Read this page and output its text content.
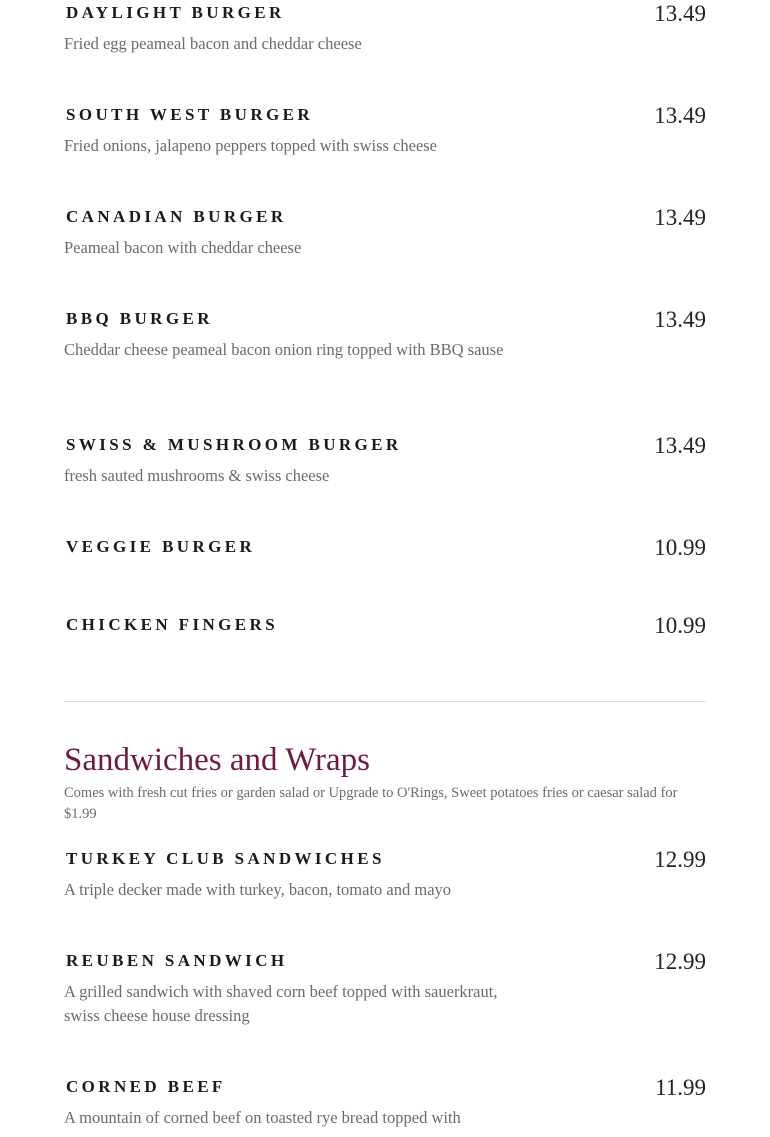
DAYLIGHT BURGER	13.49
Fried egg peameal bacon and cheddar cheese
SOUTH WEST BURGER	13.49
Fried onions, jalapeno peppers topped with swiss cheese
CANADIAN BURGER	13.49
Peameal bacon with cheddar cheese
BBQ BURGER	13.49
Cheddar cheese peameal bacon onion ring topped with BBQ sause
SWISS & MUSHROOM BURGER	13.49
fresh sauted mushrooms & swiss cheese
VEGGIE BURGER	10.99
CHICKEN FINGERS	10.99
Sandwiches and Wraps
Comes with fresh cut fries or garden salad or Upgrade to O'Rings, Sweet potatoes fries or caesar salad for $1.99
TURKEY CLUB SANDWICHES	12.99
A triple decker made with turkey, bacon, tomato and mayo
REUBEN SANDWICH	12.99
A grilled sandwich with shaved corn beef topped with sauerkraut, swiss cheese house dressing
CORNED BEEF	11.99
A mountain of corned beef on toasted rye bread topped with
